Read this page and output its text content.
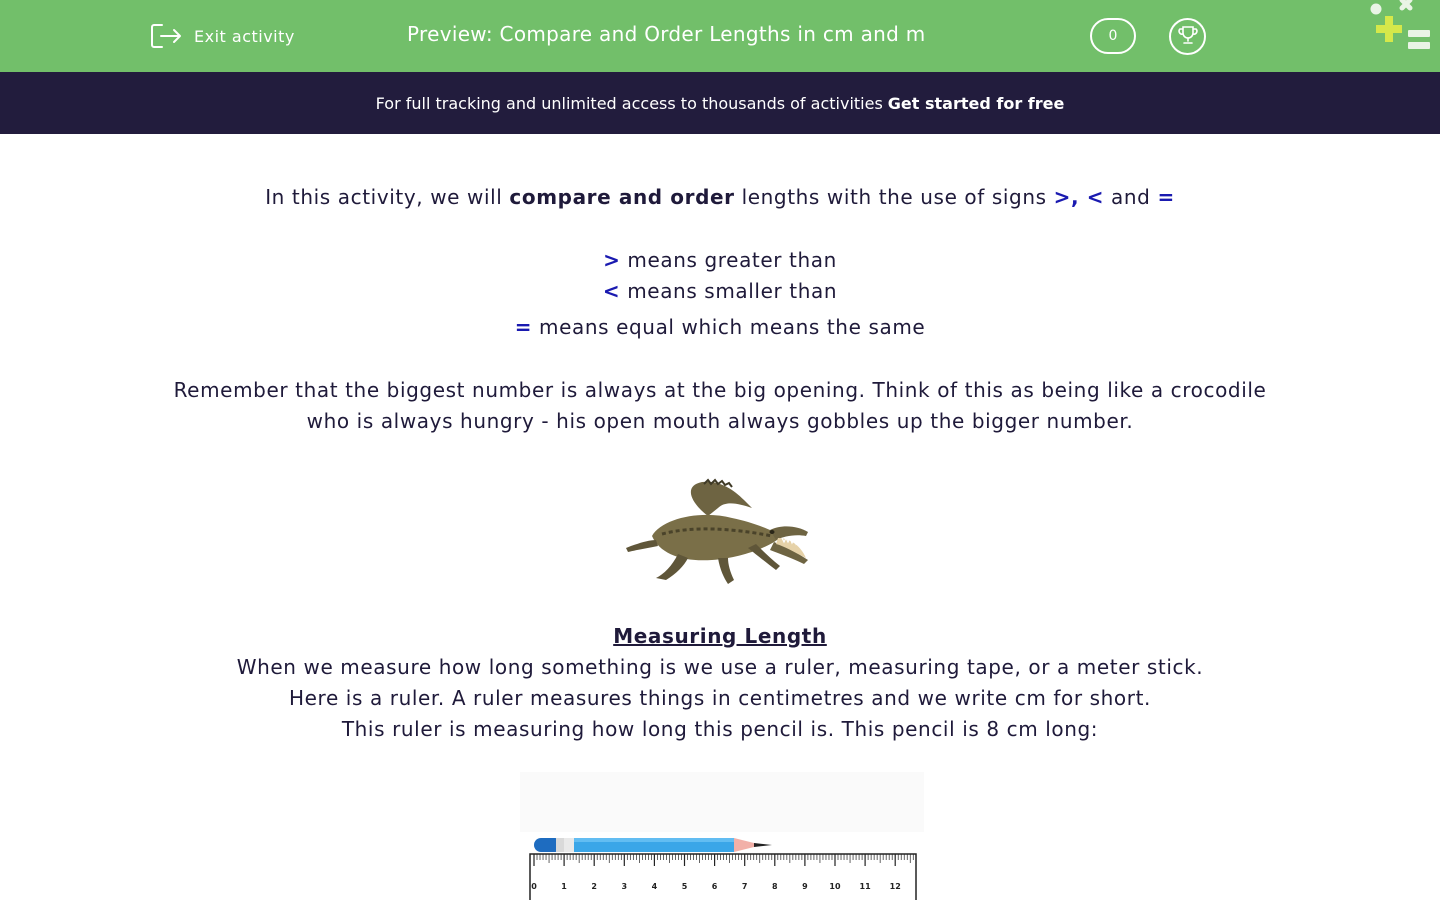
Exit activity	Preview: Compare and Order Lengths in cm and m	0
For full tracking and unlimited access to thousands of activities Get started for free
In this activity, we will compare and order lengths with the use of signs >, < and =
> means greater than
< means smaller than
= means equal which means the same
Remember that the biggest number is always at the big opening. Think of this as being like a crocodile
who is always hungry - his open mouth always gobbles up the bigger number.
Measuring Length
When we measure how long something is we use a ruler, measuring tape, or a meter stick.
Here is a ruler. A ruler measures things in centimetres and we write cm for short.
This ruler is measuring how long this pencil is. This pencil is 8 cm long:
0	1	2	3	4	5	6	7	8	9	10 11 12
